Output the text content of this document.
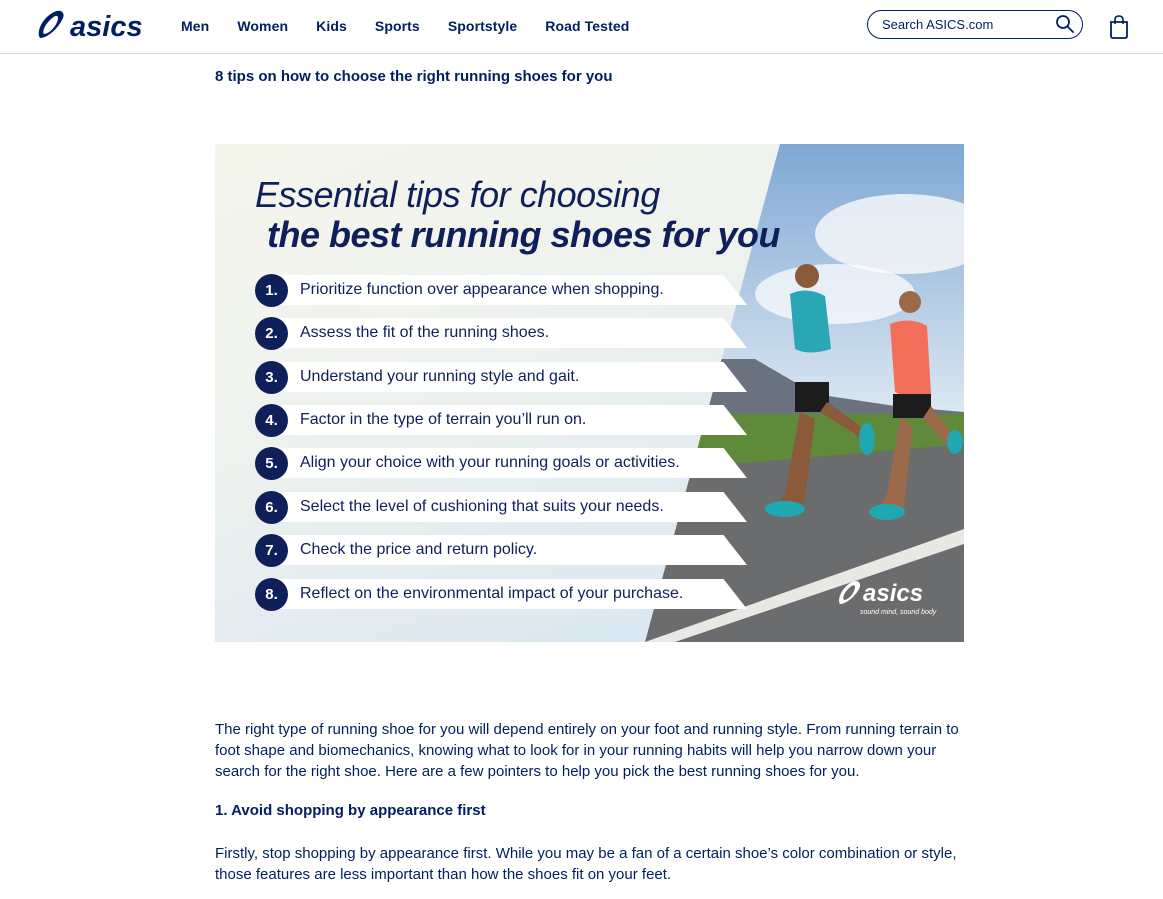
asics	Men Women Kids Sports Sportstyle Road Tested
Search ASICS.com
8 tips on how to choose the right running shoes for you
Essential tips for choosing
the best running shoes for you
1.	Prioritize function over appearance when shopping.
2.	Assess the fit of the running shoes.
3.	Understand your running style and gait.
4.	Factor in the type of terrain you’ll run on.
5.	Align your choice with your running goals or activities.
6.	Select the level of cushioning that suits your needs.
7.	Check the price and return policy.
8.	Reflect on the environmental impact of your purchase.	asics
sound mind, sound body

The right type of running shoe for you will depend entirely on your foot and running style. From running terrain to foot shape and biomechanics, knowing what to look for in your running habits will help you narrow down your search for the right shoe. Here are a few pointers to help you pick the best running shoes for you.

1. Avoid shopping by appearance first

Firstly, stop shopping by appearance first. While you may be a fan of a certain shoe’s color combination or style, those features are less important than how the shoes fit on your feet.
